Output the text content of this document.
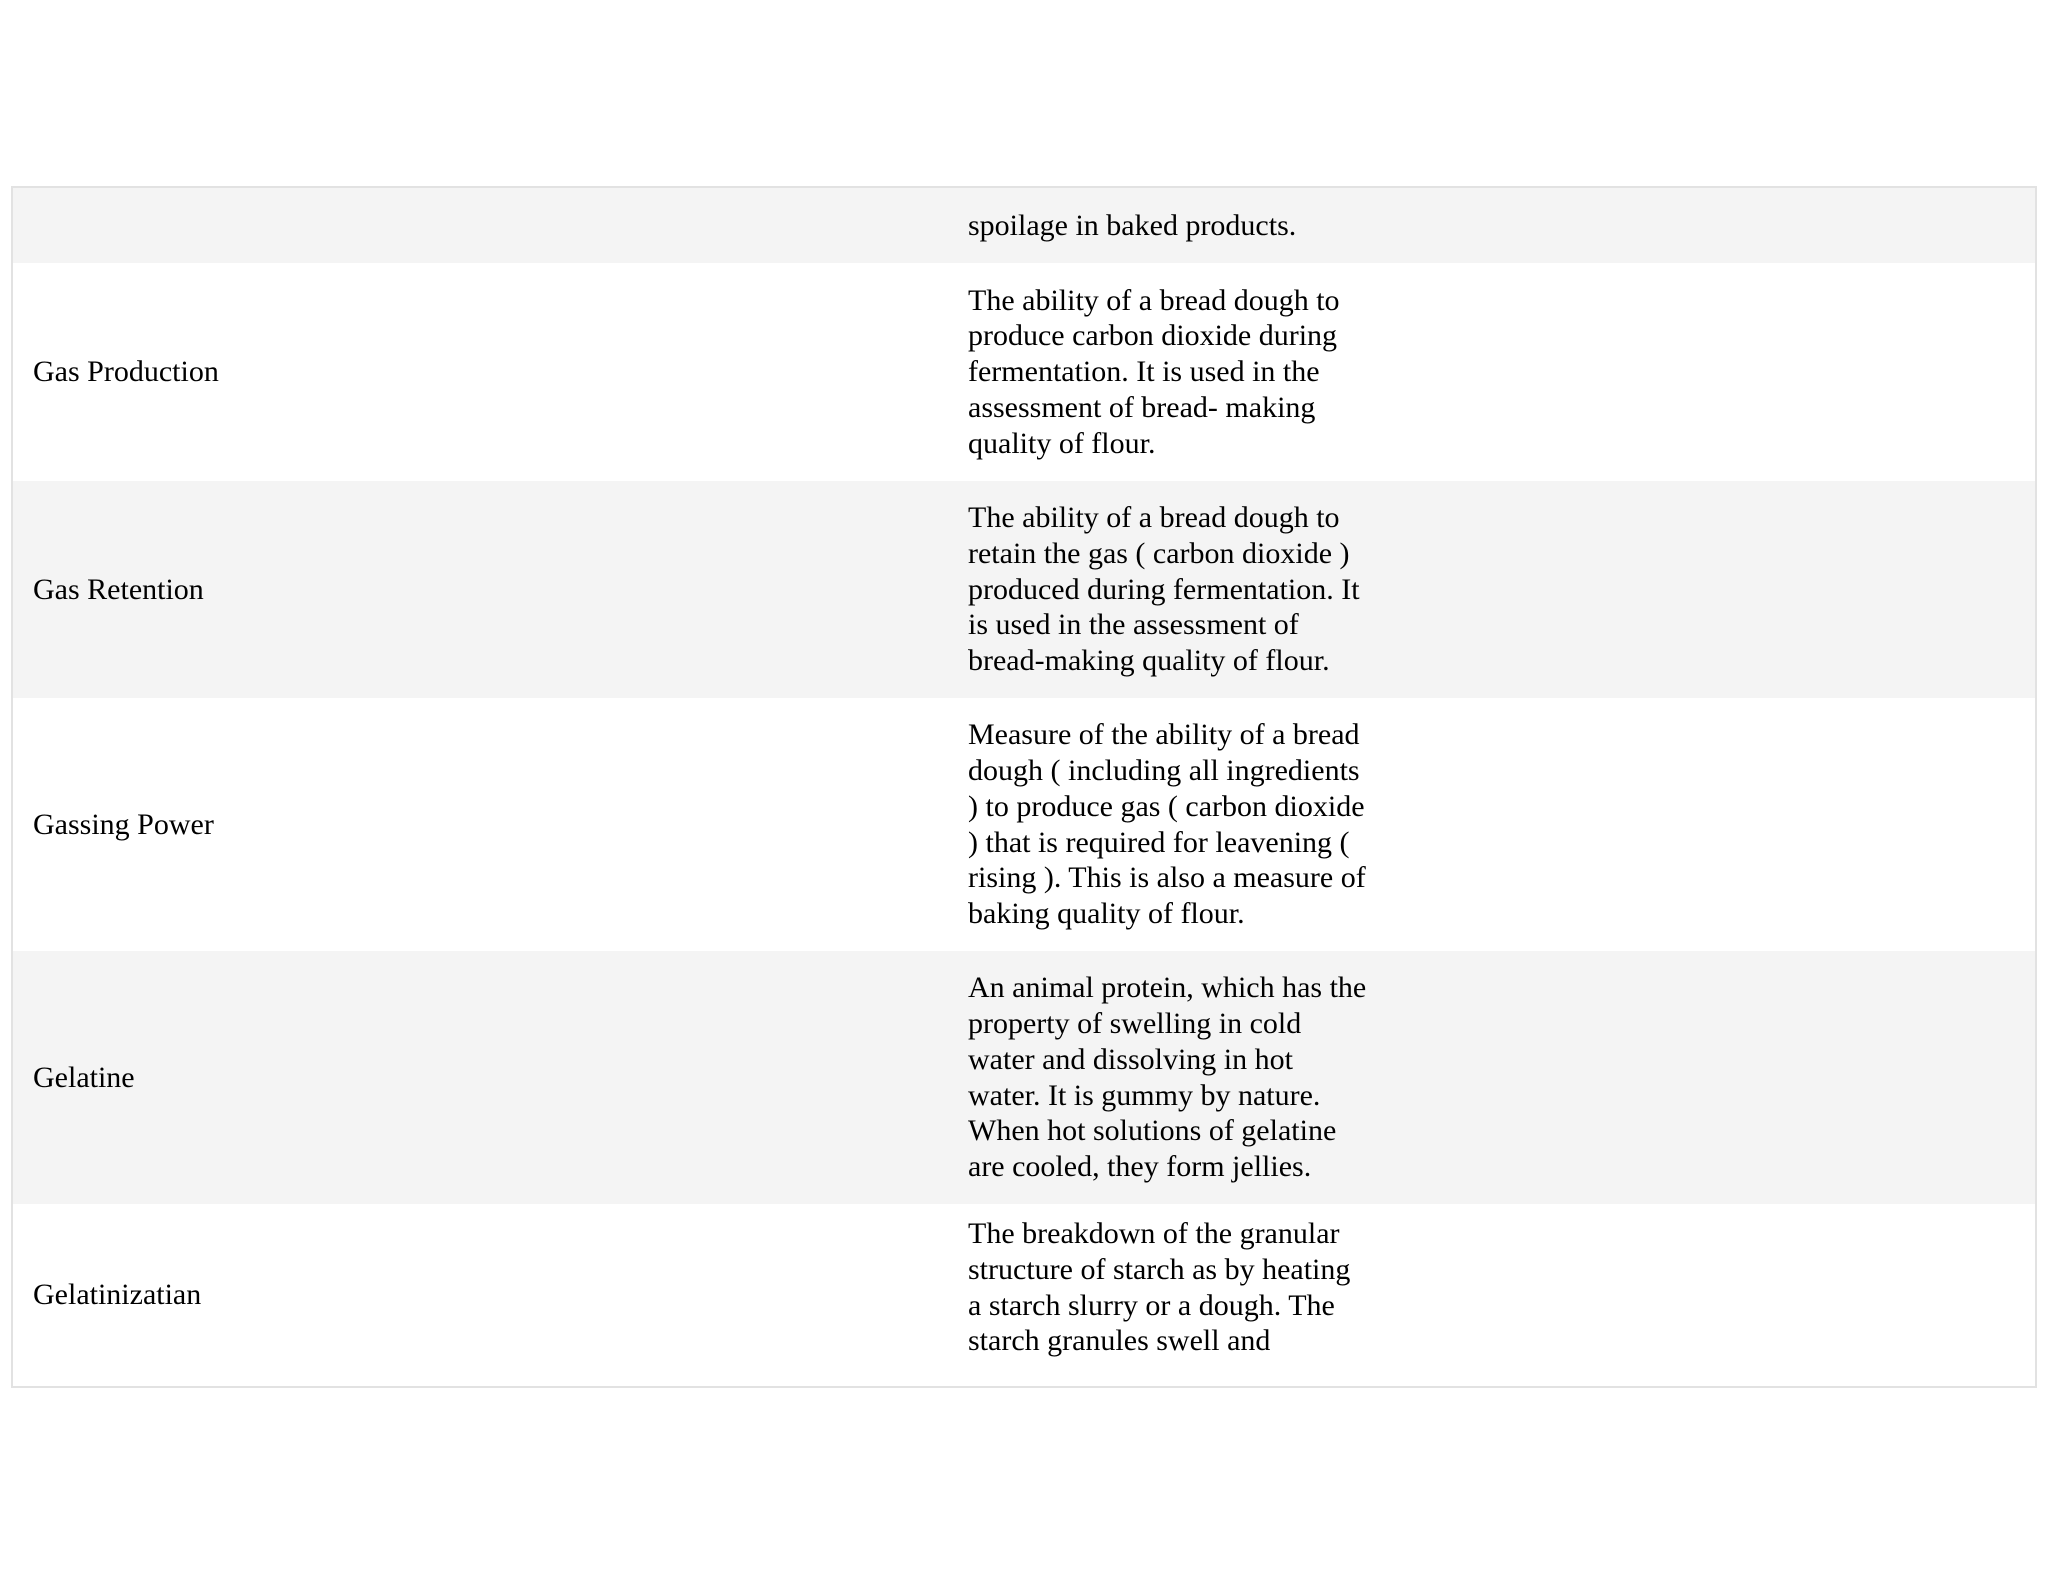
spoilage in baked products.
Gas Production
The ability of a bread dough to
produce carbon dioxide during
fermentation. It is used in the
assessment of bread- making
quality of flour.
Gas Retention
The ability of a bread dough to
retain the gas ( carbon dioxide )
produced during fermentation. It
is used in the assessment of
bread-making quality of flour.
Gassing Power
Measure of the ability of a bread
dough ( including all ingredients
) to produce gas ( carbon dioxide
) that is required for leavening (
rising ). This is also a measure of
baking quality of flour.
Gelatine
An animal protein, which has the
property of swelling in cold
water and dissolving in hot
water. It is gummy by nature.
When hot solutions of gelatine
are cooled, they form jellies.
Gelatinizatian
The breakdown of the granular
structure of starch as by heating
a starch slurry or a dough. The
starch granules swell and
